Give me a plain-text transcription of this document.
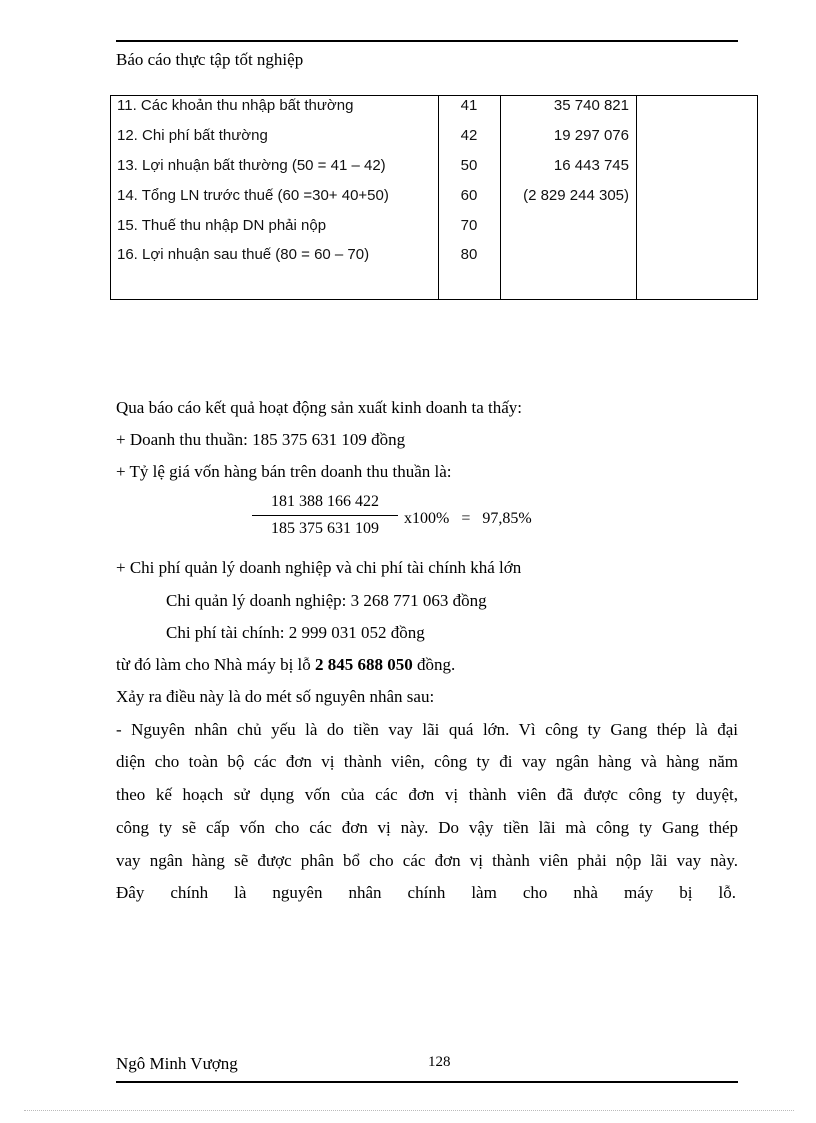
Báo cáo thực tập tốt nghiệp
11. Các khoản thu nhập bất thường	41	35 740 821
12. Chi phí bất thường	42	19 297 076
13. Lợi nhuận bất thường (50 = 41 – 42)	50	16 443 745
14. Tổng LN trước thuế (60 =30+ 40+50)	60	(2 829 244 305)
15. Thuế thu nhập DN phải nộp	70
16. Lợi nhuận sau thuế (80 = 60 – 70)	80
Qua báo cáo kết quả hoạt động sản xuất kinh doanh ta thấy:
+ Doanh thu thuần: 185 375 631 109 đồng
+ Tỷ lệ giá vốn hàng bán trên doanh thu thuần là:
181 388 166 422
185 375 631 109
x100%   =   97,85%
+ Chi phí quản lý doanh nghiệp và chi phí tài chính khá lớn
Chi quản lý doanh nghiệp: 3 268 771 063 đồng
Chi phí tài chính: 2 999 031 052 đồng
từ đó làm cho Nhà máy bị lỗ 2 845 688 050 đồng.
Xảy ra điều này là do mét số nguyên nhân sau:
- Nguyên nhân chủ yếu là do tiền vay lãi quá lớn. Vì công ty Gang thép là đại
diện cho toàn bộ các đơn vị thành viên, công ty đi vay ngân hàng và hàng năm
theo kế hoạch sử dụng vốn của các đơn vị thành viên đã được công ty duyệt,
công ty sẽ cấp vốn cho các đơn vị này. Do vậy tiền lãi mà công ty Gang thép
vay ngân hàng sẽ được phân bổ cho các đơn vị thành viên phải nộp lãi vay này.
Đây chính là nguyên nhân chính làm cho nhà máy bị lỗ.
Ngô Minh Vượng	128
